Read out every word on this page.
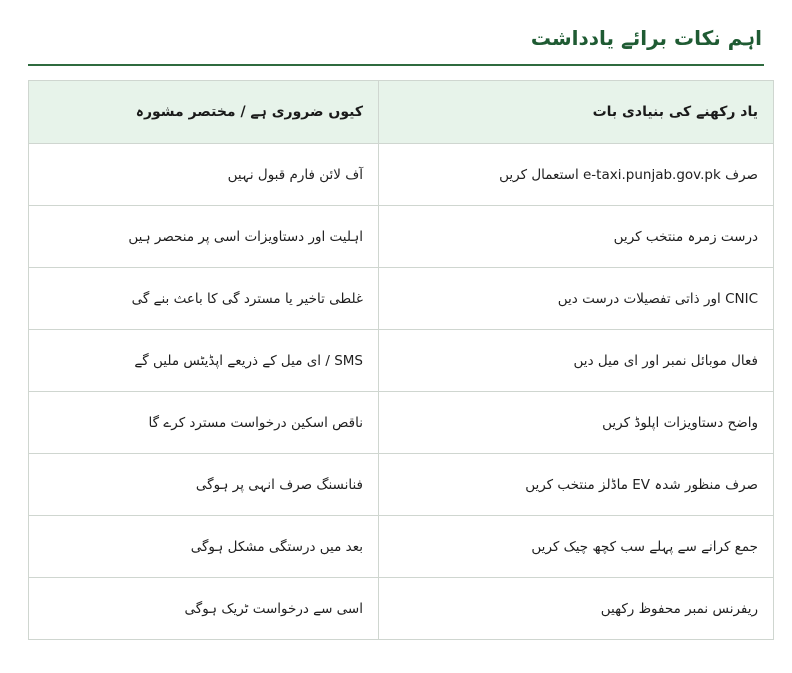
اہم نکات برائے یادداشت
یاد رکھنے کی بنیادی بات	کیوں ضروری ہے / مختصر مشورہ
صرف e-taxi.punjab.gov.pk استعمال کریں	آف لائن فارم قبول نہیں
درست زمرہ منتخب کریں	اہلیت اور دستاویزات اسی پر منحصر ہیں
CNIC اور ذاتی تفصیلات درست دیں	غلطی تاخیر یا مسترد گی کا باعث بنے گی
فعال موبائل نمبر اور ای میل دیں	SMS / ای میل کے ذریعے اپڈیٹس ملیں گے
واضح دستاویزات اپلوڈ کریں	ناقص اسکین درخواست مسترد کرے گا
صرف منظور شدہ EV ماڈلز منتخب کریں	فنانسنگ صرف انہی پر ہوگی
جمع کرانے سے پہلے سب کچھ چیک کریں	بعد میں درستگی مشکل ہوگی
ریفرنس نمبر محفوظ رکھیں	اسی سے درخواست ٹریک ہوگی
